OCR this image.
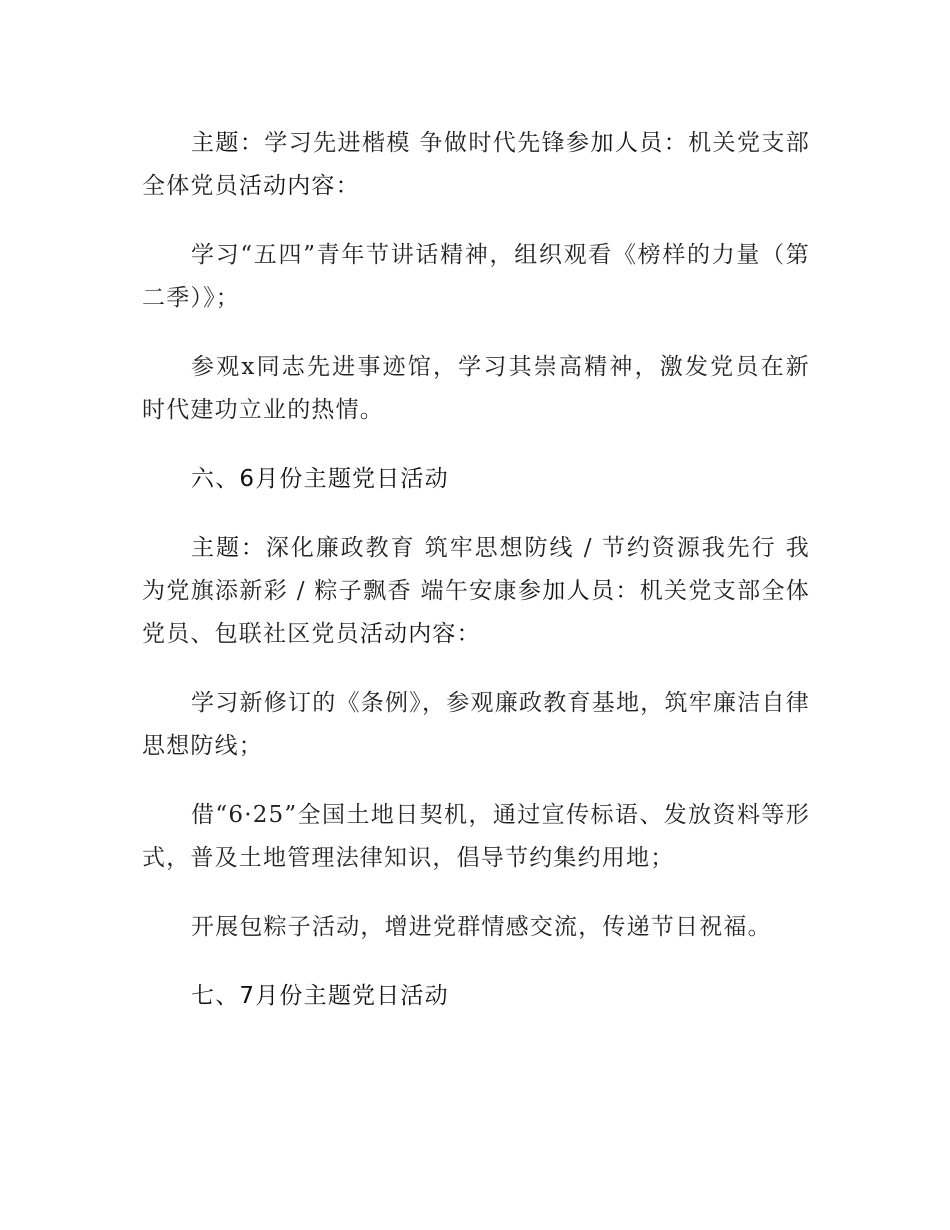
主题：学习先进楷模 争做时代先锋参加人员：机关党支部全体党员活动内容：

学习“五四”青年节讲话精神，组织观看《榜样的力量（第二季）》；

参观x同志先进事迹馆，学习其崇高精神，激发党员在新时代建功立业的热情。

六、6月份主题党日活动

主题：深化廉政教育 筑牢思想防线 / 节约资源我先行 我为党旗添新彩 / 粽子飘香 端午安康参加人员：机关党支部全体党员、包联社区党员活动内容：

学习新修订的《条例》，参观廉政教育基地，筑牢廉洁自律思想防线；

借“6·25”全国土地日契机，通过宣传标语、发放资料等形式，普及土地管理法律知识，倡导节约集约用地；

开展包粽子活动，增进党群情感交流，传递节日祝福。

七、7月份主题党日活动
